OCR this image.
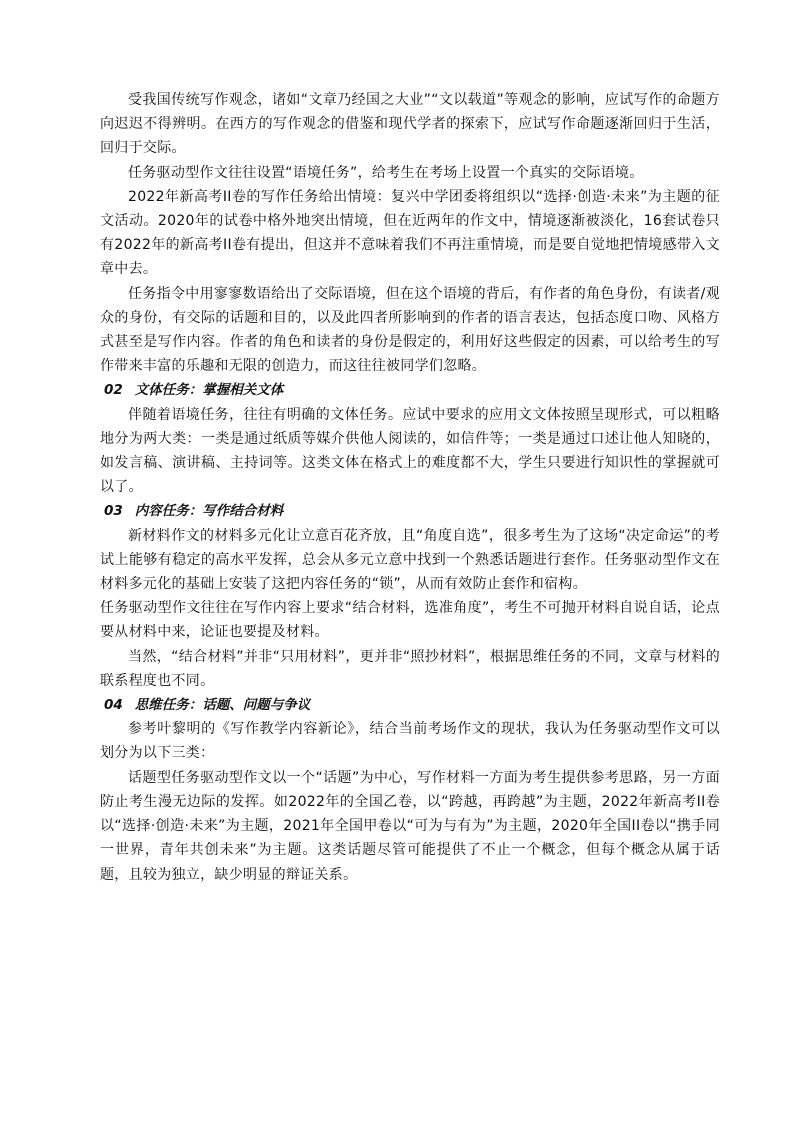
受我国传统写作观念，诸如“文章乃经国之大业”“文以载道”等观念的影响，应试写作的命题方向迟迟不得辨明。在西方的写作观念的借鉴和现代学者的探索下，应试写作命题逐渐回归于生活，回归于交际。

任务驱动型作文往往设置“语境任务”，给考生在考场上设置一个真实的交际语境。

2022年新高考II卷的写作任务给出情境：复兴中学团委将组织以“选择·创造·未来”为主题的征文活动。2020年的试卷中格外地突出情境，但在近两年的作文中，情境逐渐被淡化，16套试卷只有2022年的新高考II卷有提出，但这并不意味着我们不再注重情境，而是要自觉地把情境感带入文章中去。

任务指令中用寥寥数语给出了交际语境，但在这个语境的背后，有作者的角色身份，有读者/观众的身份，有交际的话题和目的，以及此四者所影响到的作者的语言表达，包括态度口吻、风格方式甚至是写作内容。作者的角色和读者的身份是假定的，利用好这些假定的因素，可以给考生的写作带来丰富的乐趣和无限的创造力，而这往往被同学们忽略。

02 文体任务：掌握相关文体

伴随着语境任务，往往有明确的文体任务。应试中要求的应用文文体按照呈现形式，可以粗略地分为两大类：一类是通过纸质等媒介供他人阅读的，如信件等；一类是通过口述让他人知晓的，如发言稿、演讲稿、主持词等。这类文体在格式上的难度都不大，学生只要进行知识性的掌握就可以了。

03 内容任务：写作结合材料

新材料作文的材料多元化让立意百花齐放，且“角度自选”，很多考生为了这场“决定命运”的考试上能够有稳定的高水平发挥，总会从多元立意中找到一个熟悉话题进行套作。任务驱动型作文在材料多元化的基础上安装了这把内容任务的“锁”，从而有效防止套作和宿构。

任务驱动型作文往往在写作内容上要求“结合材料，选准角度”，考生不可抛开材料自说自话，论点要从材料中来，论证也要提及材料。

当然，“结合材料”并非“只用材料”，更并非“照抄材料”，根据思维任务的不同，文章与材料的联系程度也不同。

04 思维任务：话题、问题与争议

参考叶黎明的《写作教学内容新论》，结合当前考场作文的现状，我认为任务驱动型作文可以划分为以下三类：

话题型任务驱动型作文以一个“话题”为中心，写作材料一方面为考生提供参考思路，另一方面防止考生漫无边际的发挥。如2022年的全国乙卷，以“跨越，再跨越”为主题，2022年新高考II卷以“选择·创造·未来”为主题，2021年全国甲卷以“可为与有为”为主题，2020年全国II卷以“携手同一世界，青年共创未来”为主题。这类话题尽管可能提供了不止一个概念，但每个概念从属于话题，且较为独立，缺少明显的辩证关系。
